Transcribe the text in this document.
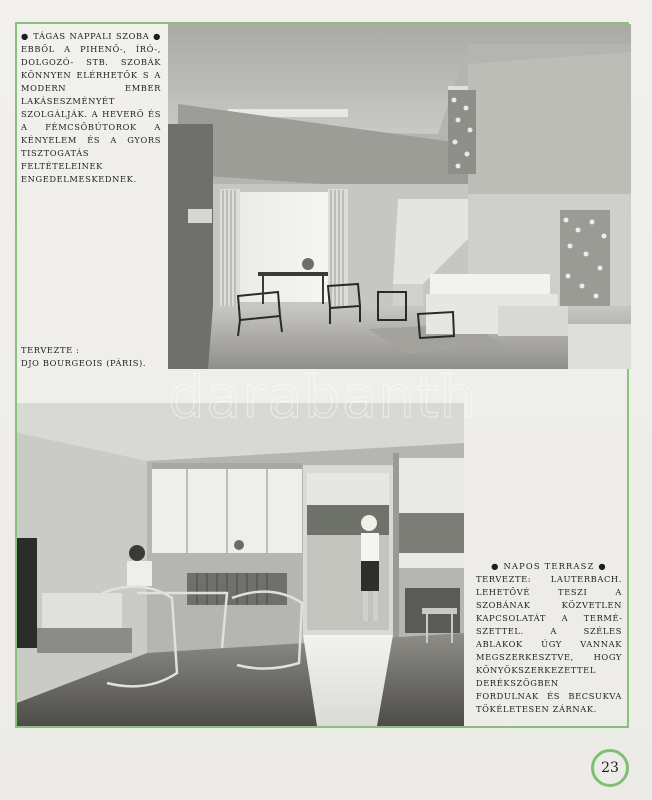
● TÁGAS NAPPALI SZOBA ● EBBŐL A PIHENŐ-, ÍRÓ-, DOLGOZÓ- STB. SZOBÁK KÖNNYEN ELÉRHETŐK S A MODERN EMBER LAKÁSESZMÉNYÉT SZOLGÁLJÁK. A HEVERŐ ÉS A FÉMCSŐBÚTOROK A KÉNYELEM ÉS A GYORS TISZTOGATÁS FELTÉTELEINEK ENGEDELMESKEDNEK.
TERVEZTE :
DJO BOURGEOIS (PÁRIS).
● NAPOS TERRASZ ●
TERVEZTE: LAUTERBACH. LEHETŐVÉ TESZI A SZOBÁNAK KÖZVETLEN KAPCSOLATÁT A TERMÉSZETTEL. A SZÉLES ABLAKOK ÚGY VANNAK MEGSZERKESZTVE, HOGY KÖNYÖKSZERKEZETTEL DERÉKSZÖGBEN FORDULNAK ÉS BECSUKVA TÖKÉLETESEN ZÁRNAK.
darabanth
23
